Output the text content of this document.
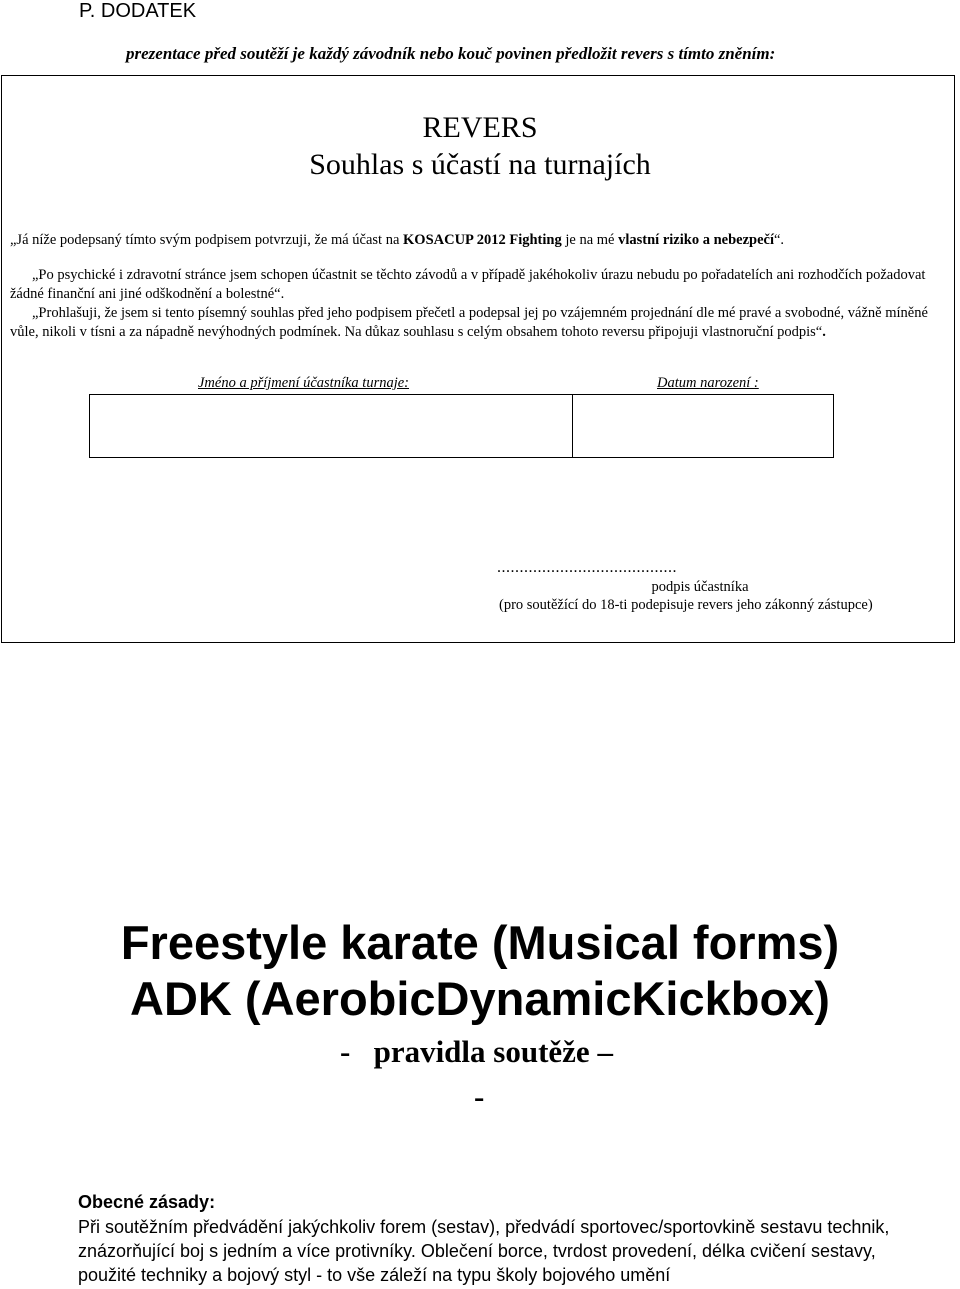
P. DODATEK
prezentace před soutěží je každý závodník nebo kouč povinen předložit revers s tímto zněním:
REVERS
Souhlas s účastí na turnajích
„Já níže podepsaný tímto svým podpisem potvrzuji, že má účast na KOSACUP 2012 Fighting je na mé vlastní riziko a nebezpečí“.
„Po psychické i zdravotní stránce jsem schopen účastnit se těchto závodů a v případě jakéhokoliv úrazu nebudu po pořadatelích ani rozhodčích požadovat žádné finanční ani jiné odškodnění a bolestné“.
„Prohlašuji, že jsem si tento písemný souhlas před jeho podpisem přečetl a podepsal jej po vzájemném projednání dle mé pravé a svobodné, vážně míněné vůle, nikoli v tísni a za nápadně nevýhodných podmínek. Na důkaz souhlasu s celým obsahem tohoto reversu připojuji vlastnoruční podpis“.
Jméno a příjmení účastníka turnaje:	Datum narození :
........................................
podpis účastníka
(pro soutěžící do 18-ti podepisuje revers jeho zákonný zástupce)
Freestyle karate (Musical forms)
ADK (AerobicDynamicKickbox)
-   pravidla soutěže –
-
Obecné zásady:
Při soutěžním předvádění jakýchkoliv forem (sestav), předvádí sportovec/sportovkině sestavu technik, znázorňující boj s jedním a více protivníky. Oblečení borce, tvrdost provedení, délka cvičení sestavy, použité techniky a bojový styl - to vše záleží na typu školy bojového umění
